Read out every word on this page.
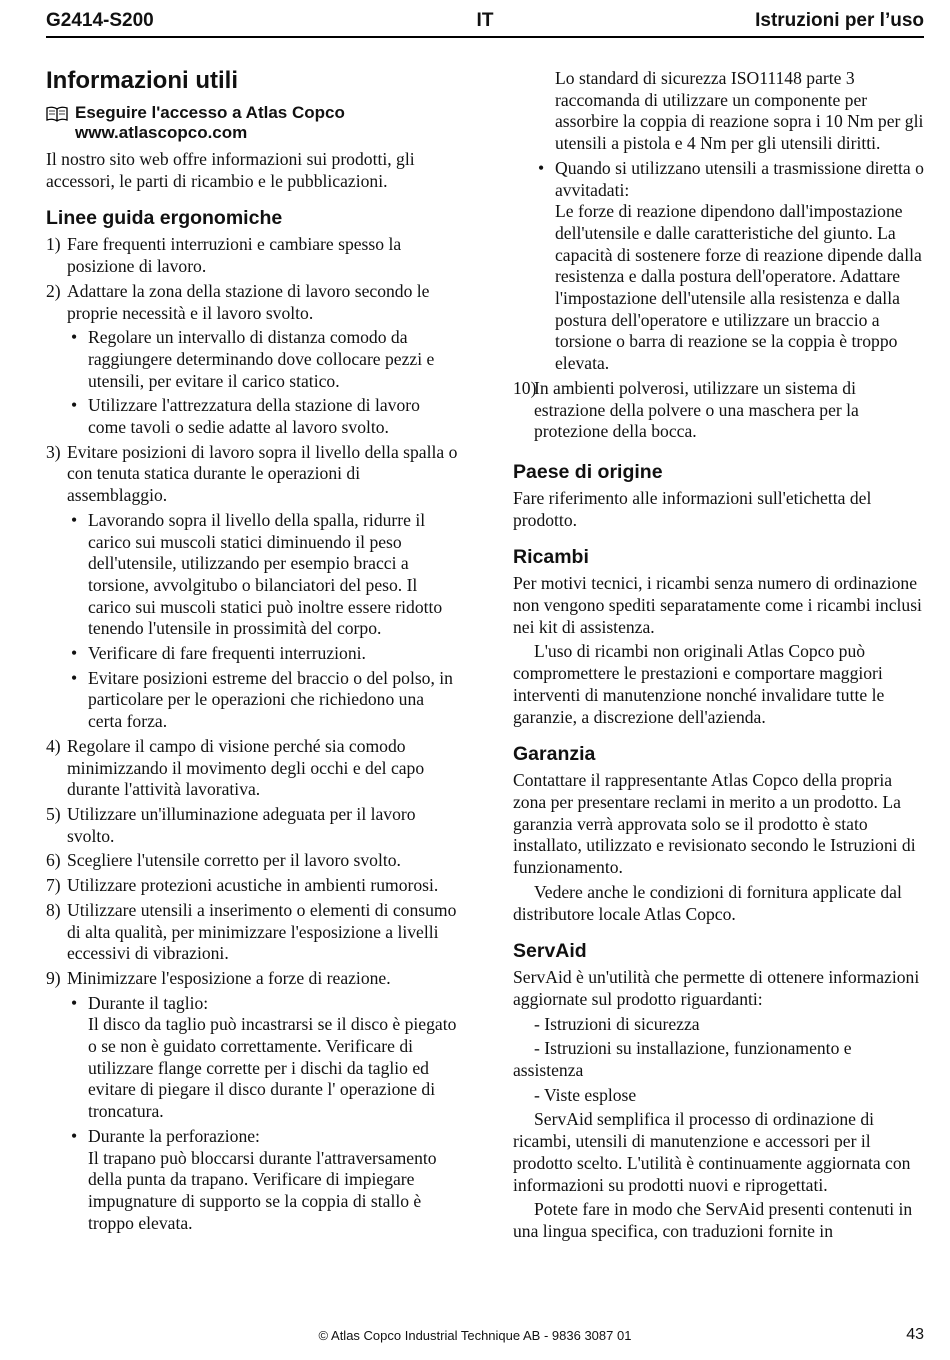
G2414-S200	IT	Istruzioni per l’uso
Informazioni utili
Eseguire l'accesso a Atlas Copco
www.atlascopco.com

Il nostro sito web offre informazioni sui prodotti, gli accessori, le parti di ricambio e le pubblicazioni.

Linee guida ergonomiche
1) Fare frequenti interruzioni e cambiare spesso la posizione di lavoro.
2) Adattare la zona della stazione di lavoro secondo le proprie necessità e il lavoro svolto.
• Regolare un intervallo di distanza comodo da raggiungere determinando dove collocare pezzi e utensili, per evitare il carico statico.
• Utilizzare l'attrezzatura della stazione di lavoro come tavoli o sedie adatte al lavoro svolto.
3) Evitare posizioni di lavoro sopra il livello della spalla o con tenuta statica durante le operazioni di assemblaggio.
• Lavorando sopra il livello della spalla, ridurre il carico sui muscoli statici diminuendo il peso dell'utensile, utilizzando per esempio bracci a torsione, avvolgitubo o bilanciatori del peso. Il carico sui muscoli statici può inoltre essere ridotto tenendo l'utensile in prossimità del corpo.
• Verificare di fare frequenti interruzioni.
• Evitare posizioni estreme del braccio o del polso, in particolare per le operazioni che richiedono una certa forza.
4) Regolare il campo di visione perché sia comodo minimizzando il movimento degli occhi e del capo durante l'attività lavorativa.
5) Utilizzare un'illuminazione adeguata per il lavoro svolto.
6) Scegliere l'utensile corretto per il lavoro svolto.
7) Utilizzare protezioni acustiche in ambienti rumorosi.
8) Utilizzare utensili a inserimento o elementi di consumo di alta qualità, per minimizzare l'esposizione a livelli eccessivi di vibrazioni.
9) Minimizzare l'esposizione a forze di reazione.
• Durante il taglio:
Il disco da taglio può incastrarsi se il disco è piegato o se non è guidato correttamente. Verificare di utilizzare flange corrette per i dischi da taglio ed evitare di piegare il disco durante l' operazione di troncatura.
• Durante la perforazione:
Il trapano può bloccarsi durante l'attraversamento della punta da trapano. Verificare di impiegare impugnature di supporto se la coppia di stallo è troppo elevata.

Lo standard di sicurezza ISO11148 parte 3 raccomanda di utilizzare un componente per assorbire la coppia di reazione sopra i 10 Nm per gli utensili a pistola e 4 Nm per gli utensili diritti.

• Quando si utilizzano utensili a trasmissione diretta o avvitadati:
Le forze di reazione dipendono dall'impostazione dell'utensile e dalle caratteristiche del giunto. La capacità di sostenere forze di reazione dipende dalla resistenza e dalla postura dell'operatore. Adattare l'impostazione dell'utensile alla resistenza e dalla postura dell'operatore e utilizzare un braccio a torsione o barra di reazione se la coppia è troppo elevata.
10)
In ambienti polverosi, utilizzare un sistema di estrazione della polvere o una maschera per la protezione della bocca.
Paese di origine

Fare riferimento alle informazioni sull'etichetta del prodotto.

Ricambi

Per motivi tecnici, i ricambi senza numero di ordinazione non vengono spediti separatamente come i ricambi inclusi nei kit di assistenza.

L'uso di ricambi non originali Atlas Copco può compromettere le prestazioni e comportare maggiori interventi di manutenzione nonché invalidare tutte le garanzie, a discrezione dell'azienda.

Garanzia

Contattare il rappresentante Atlas Copco della propria zona per presentare reclami in merito a un prodotto. La garanzia verrà approvata solo se il prodotto è stato installato, utilizzato e revisionato secondo le Istruzioni di funzionamento.

Vedere anche le condizioni di fornitura applicate dal distributore locale Atlas Copco.

ServAid

ServAid è un'utilità che permette di ottenere informazioni aggiornate sul prodotto riguardanti:

- Istruzioni di sicurezza

- Istruzioni su installazione, funzionamento e assistenza

- Viste esplose

ServAid semplifica il processo di ordinazione di ricambi, utensili di manutenzione e accessori per il prodotto scelto. L'utilità è continuamente aggiornata con informazioni su prodotti nuovi e riprogettati.

Potete fare in modo che ServAid presenti contenuti in una lingua specifica, con traduzioni fornite in

© Atlas Copco Industrial Technique AB - 9836 3087 01	43
